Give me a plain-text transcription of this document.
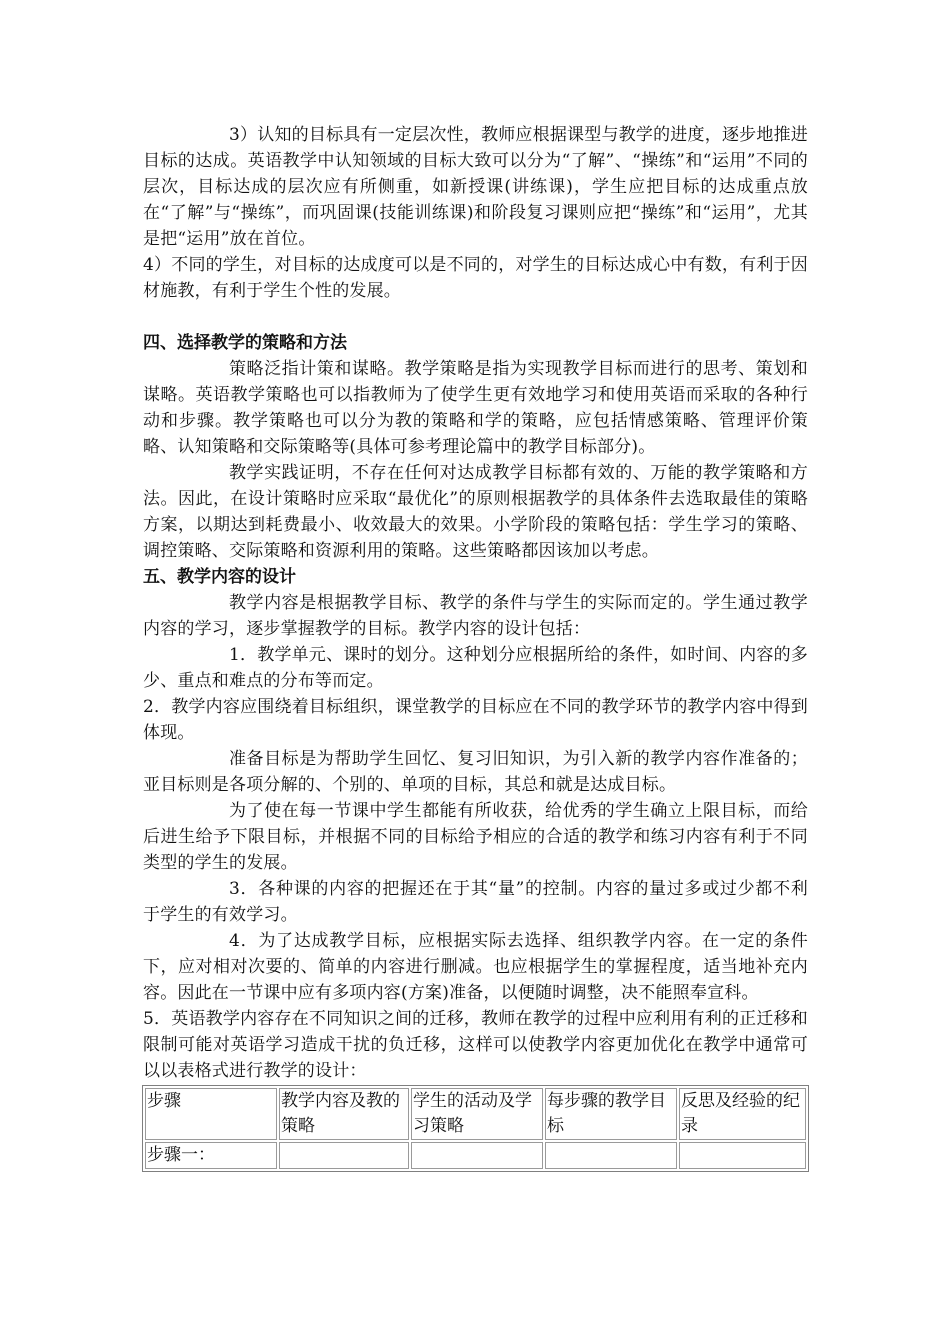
3）认知的目标具有一定层次性，教师应根据课型与教学的进度，逐步地推进目标的达成。英语教学中认知领域的目标大致可以分为“了解”、“操练”和“运用”不同的层次，目标达成的层次应有所侧重，如新授课(讲练课)，学生应把目标的达成重点放在“了解”与“操练”，而巩固课(技能训练课)和阶段复习课则应把“操练”和“运用”，尤其是把“运用”放在首位。

4）不同的学生，对目标的达成度可以是不同的，对学生的目标达成心中有数，有利于因材施教，有利于学生个性的发展。

四、选择教学的策略和方法

策略泛指计策和谋略。教学策略是指为实现教学目标而进行的思考、策划和谋略。英语教学策略也可以指教师为了使学生更有效地学习和使用英语而采取的各种行动和步骤。教学策略也可以分为教的策略和学的策略，应包括情感策略、管理评价策略、认知策略和交际策略等(具体可参考理论篇中的教学目标部分)。

教学实践证明，不存在任何对达成教学目标都有效的、万能的教学策略和方法。因此，在设计策略时应采取“最优化”的原则根据教学的具体条件去选取最佳的策略方案，以期达到耗费最小、收效最大的效果。小学阶段的策略包括：学生学习的策略、调控策略、交际策略和资源利用的策略。这些策略都因该加以考虑。

五、教学内容的设计

教学内容是根据教学目标、教学的条件与学生的实际而定的。学生通过教学内容的学习，逐步掌握教学的目标。教学内容的设计包括：

1．教学单元、课时的划分。这种划分应根据所给的条件，如时间、内容的多少、重点和难点的分布等而定。

2．教学内容应围绕着目标组织，课堂教学的目标应在不同的教学环节的教学内容中得到体现。

准备目标是为帮助学生回忆、复习旧知识，为引入新的教学内容作准备的；亚目标则是各项分解的、个别的、单项的目标，其总和就是达成目标。

为了使在每一节课中学生都能有所收获，给优秀的学生确立上限目标，而给后进生给予下限目标，并根据不同的目标给予相应的合适的教学和练习内容有利于不同类型的学生的发展。

3．各种课的内容的把握还在于其“量”的控制。内容的量过多或过少都不利于学生的有效学习。

4．为了达成教学目标，应根据实际去选择、组织教学内容。在一定的条件下，应对相对次要的、简单的内容进行删减。也应根据学生的掌握程度，适当地补充内容。因此在一节课中应有多项内容(方案)准备，以便随时调整，决不能照奉宣科。

5．英语教学内容存在不同知识之间的迁移，教师在教学的过程中应利用有利的正迁移和限制可能对英语学习造成干扰的负迁移，这样可以使教学内容更加优化在教学中通常可以以表格式进行教学的设计：

步骤	教学内容及教的策略	学生的活动及学习策略	每步骤的教学目标	反思及经验的纪录
步骤一：				
